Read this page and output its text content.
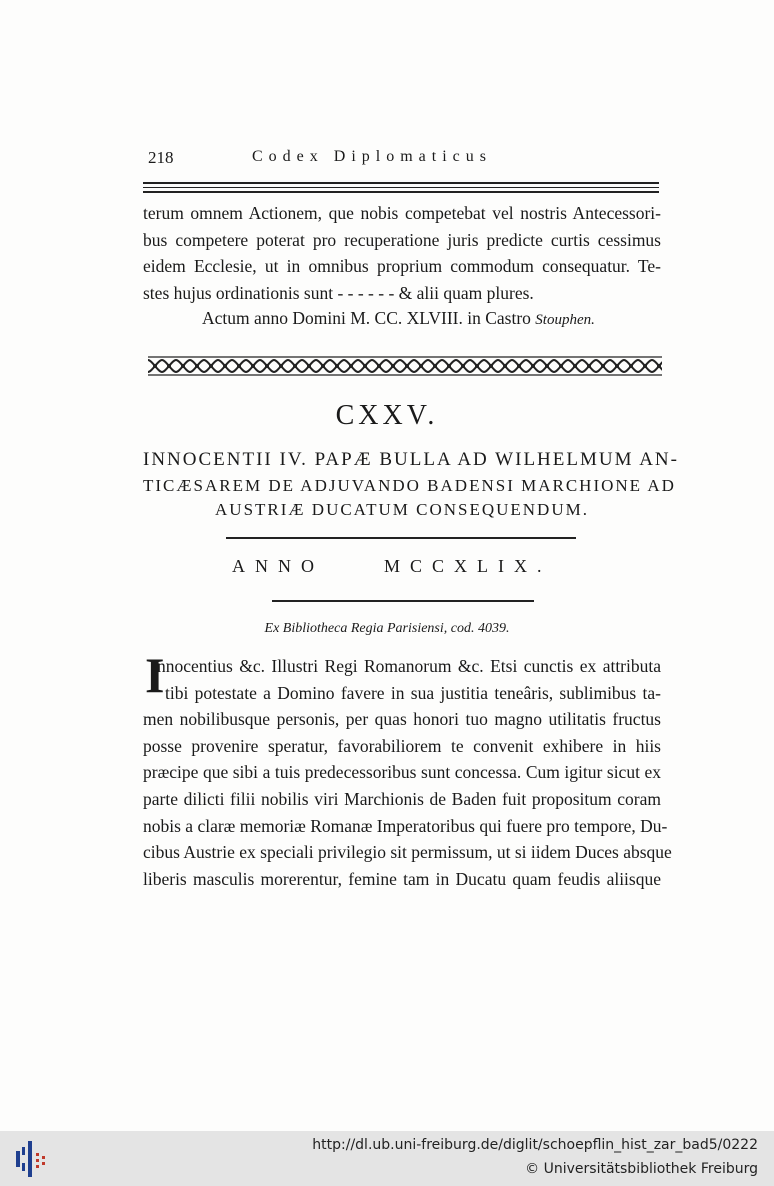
218	Codex Diplomaticus
terum omnem Actionem, que nobis competebat vel nostris Antecessori-
bus competere poterat pro recuperatione juris predicte curtis cessimus
eidem Ecclesie, ut in omnibus proprium commodum consequatur. Te-
stes hujus ordinationis sunt - - - - - - & alii quam plures.
Actum anno Domini M. CC. XLVIII. in Castro Stouphen.
CXXV.
INNOCENTII IV. PAPÆ BULLA AD WILHELMUM AN-
TICÆSAREM DE ADJUVANDO BADENSI MARCHIONE AD
AUSTRIÆ DUCATUM CONSEQUENDUM.
ANNO	MCCXLIX.
Ex Bibliotheca Regia Parisiensi, cod. 4039.
I
nnocentius &c. Illustri Regi Romanorum &c. Etsi cunctis ex attributa
tibi potestate a Domino favere in sua justitia teneâris, sublimibus ta-
men nobilibusque personis, per quas honori tuo magno utilitatis fructus
posse provenire speratur, favorabiliorem te convenit exhibere in hiis
præcipe que sibi a tuis predecessoribus sunt concessa. Cum igitur sicut ex
parte dilicti filii nobilis viri Marchionis de Baden fuit propositum coram
nobis a claræ memoriæ Romanæ Imperatoribus qui fuere pro tempore, Du-
cibus Austrie ex speciali privilegio sit permissum, ut si iidem Duces absque
liberis masculis morerentur, femine tam in Ducatu quam feudis aliisque
http://dl.ub.uni-freiburg.de/diglit/schoepflin_hist_zar_bad5/0222
© Universitätsbibliothek Freiburg
